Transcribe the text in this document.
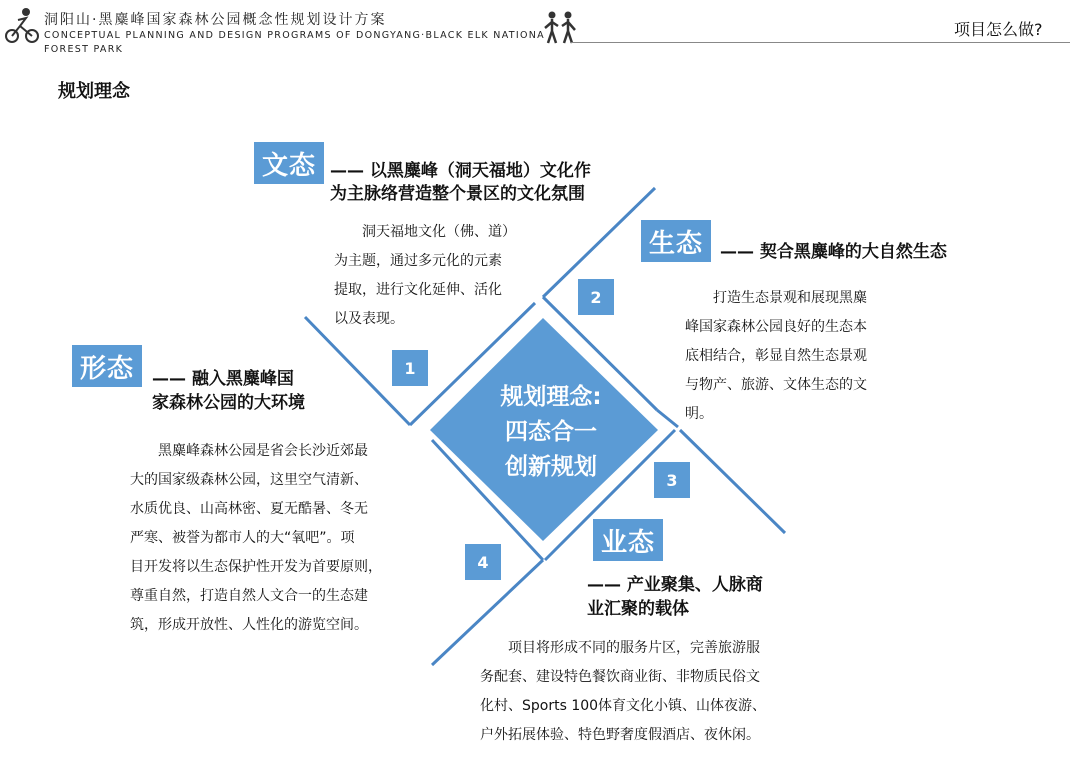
洞阳山·黑麋峰国家森林公园概念性规划设计方案
CONCEPTUAL PLANNING AND DESIGN PROGRAMS OF DONGYANG·BLACK ELK NATIONA
FOREST PARK
项目怎么做?
规划理念
规划理念:
四态合一
创新规划
1
2
3
4
文态 —— 以黑麋峰（洞天福地）文化作
为主脉络营造整个景区的文化氛围
洞天福地文化（佛、道）
为主题，通过多元化的元素
提取，进行文化延伸、活化
以及表现。
生态	—— 契合黑麋峰的大自然生态
打造生态景观和展现黑麋
峰国家森林公园良好的生态本
底相结合，彰显自然生态景观
与物产、旅游、文体生态的文
明。
形态	—— 融入黑麋峰国
家森林公园的大环境
黑麋峰森林公园是省会长沙近郊最
大的国家级森林公园，这里空气清新、
水质优良、山高林密、夏无酷暑、冬无
严寒、被誉为都市人的大“氧吧”。项
目开发将以生态保护性开发为首要原则，
尊重自然，打造自然人文合一的生态建
筑，形成开放性、人性化的游览空间。
业态
—— 产业聚集、人脉商
业汇聚的载体
项目将形成不同的服务片区，完善旅游服
务配套、建设特色餐饮商业街、非物质民俗文
化村、Sports 100体育文化小镇、山体夜游、
户外拓展体验、特色野奢度假酒店、夜休闲。
